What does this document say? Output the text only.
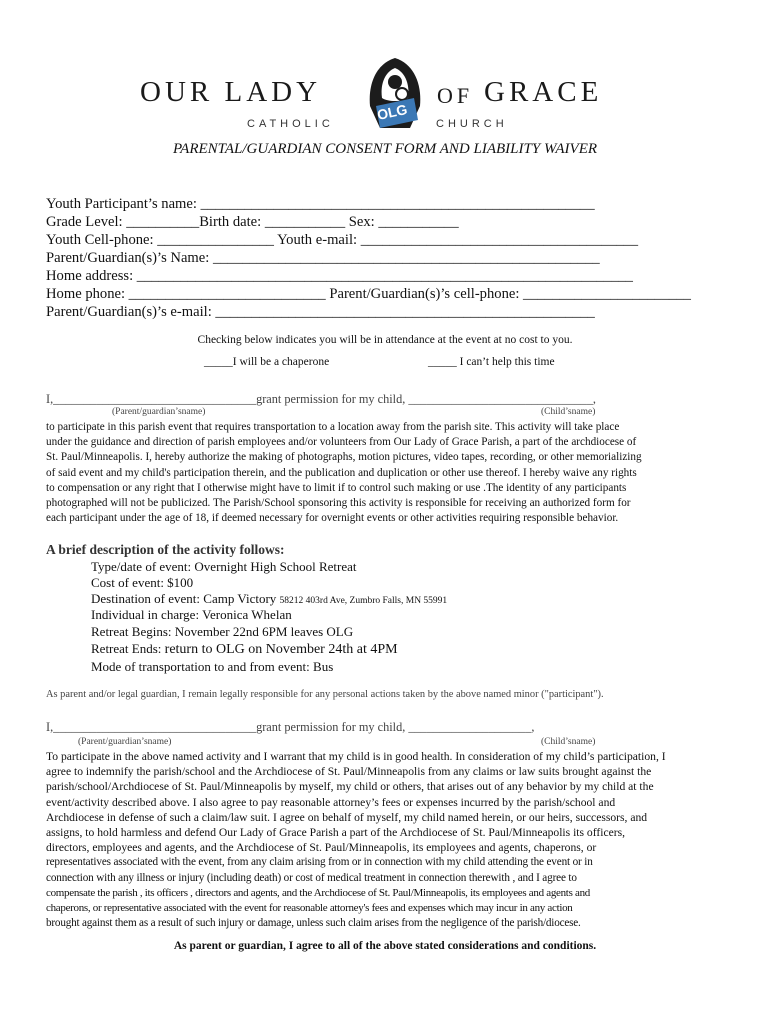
OUR LADY	OF GRACE
CATHOLIC	CHURCH
OLG
PARENTAL/GUARDIAN CONSENT FORM AND LIABILITY WAIVER
Youth Participant’s name: ______________________________________________________
Grade Level: __________Birth date: ___________ Sex: ___________
Youth Cell-phone: ________________ Youth e-mail: ______________________________________
Parent/Guardian(s)’s Name: _____________________________________________________
Home address: ____________________________________________________________________
Home phone: ___________________________ Parent/Guardian(s)’s cell-phone: _______________________
Parent/Guardian(s)’s e-mail: ____________________________________________________
Checking below indicates you will be in attendance at the event at no cost to you.
_____I will be a chaperone	_____ I can’t help this time
I,_________________________________grant permission for my child, ______________________________,
(Parent/guardian’sname)	(Child’sname)
to participate in this parish event that requires transportation to a location away from the parish site. This activity will take place
under the guidance and direction of parish employees and/or volunteers from Our Lady of Grace Parish, a part of the archdiocese of
St. Paul/Minneapolis. I, hereby authorize the making of photographs, motion pictures, video tapes, recording, or other memorializing
of said event and my child's participation therein, and the publication and duplication or other use thereof. I hereby waive any rights
to compensation or any right that I otherwise might have to limit if to control such making or use .The identity of any participants
photographed will not be publicized. The Parish/School sponsoring this activity is responsible for receiving an authorized form for
each participant under the age of 18, if deemed necessary for overnight events or other activities requiring responsible behavior.
A brief description of the activity follows:
Type/date of event: Overnight High School Retreat
Cost of event: $100
Destination of event: Camp Victory 58212 403rd Ave, Zumbro Falls, MN 55991
Individual in charge: Veronica Whelan
Retreat Begins: November 22nd 6PM leaves OLG
Retreat Ends: return to OLG on November 24th at 4PM
Mode of transportation to and from event: Bus
As parent and/or legal guardian, I remain legally responsible for any personal actions taken by the above named minor ("participant").
I,_________________________________grant permission for my child, ____________________,
(Parent/guardian’sname)	(Child’sname)
To participate in the above named activity and I warrant that my child is in good health. In consideration of my child’s participation, I
agree to indemnify the parish/school and the Archdiocese of St. Paul/Minneapolis from any claims or law suits brought against the
parish/school/Archdiocese of St. Paul/Minneapolis by myself, my child or others, that arises out of any behavior by my child at the
event/activity described above. I also agree to pay reasonable attorney’s fees or expenses incurred by the parish/school and
Archdiocese in defense of such a claim/law suit. I agree on behalf of myself, my child named herein, or our heirs, successors, and
assigns, to hold harmless and defend Our Lady of Grace Parish a part of the Archdiocese of St. Paul/Minneapolis its officers,
directors, employees and agents, and the Archdiocese of St. Paul/Minneapolis, its employees and agents, chaperons, or
representatives associated with the event, from any claim arising from or in connection with my child attending the event or in
connection with any illness or injury (including death) or cost of medical treatment in connection therewith , and I agree to
compensate the parish , its officers , directors and agents, and the Archdiocese of St. Paul/Minneapolis, its employees and agents and
chaperons, or representative associated with the event for reasonable attorney's fees and expenses which may incur in any action
brought against them as a result of such injury or damage, unless such claim arises from the negligence of the parish/diocese.
As parent or guardian, I agree to all of the above stated considerations and conditions.
